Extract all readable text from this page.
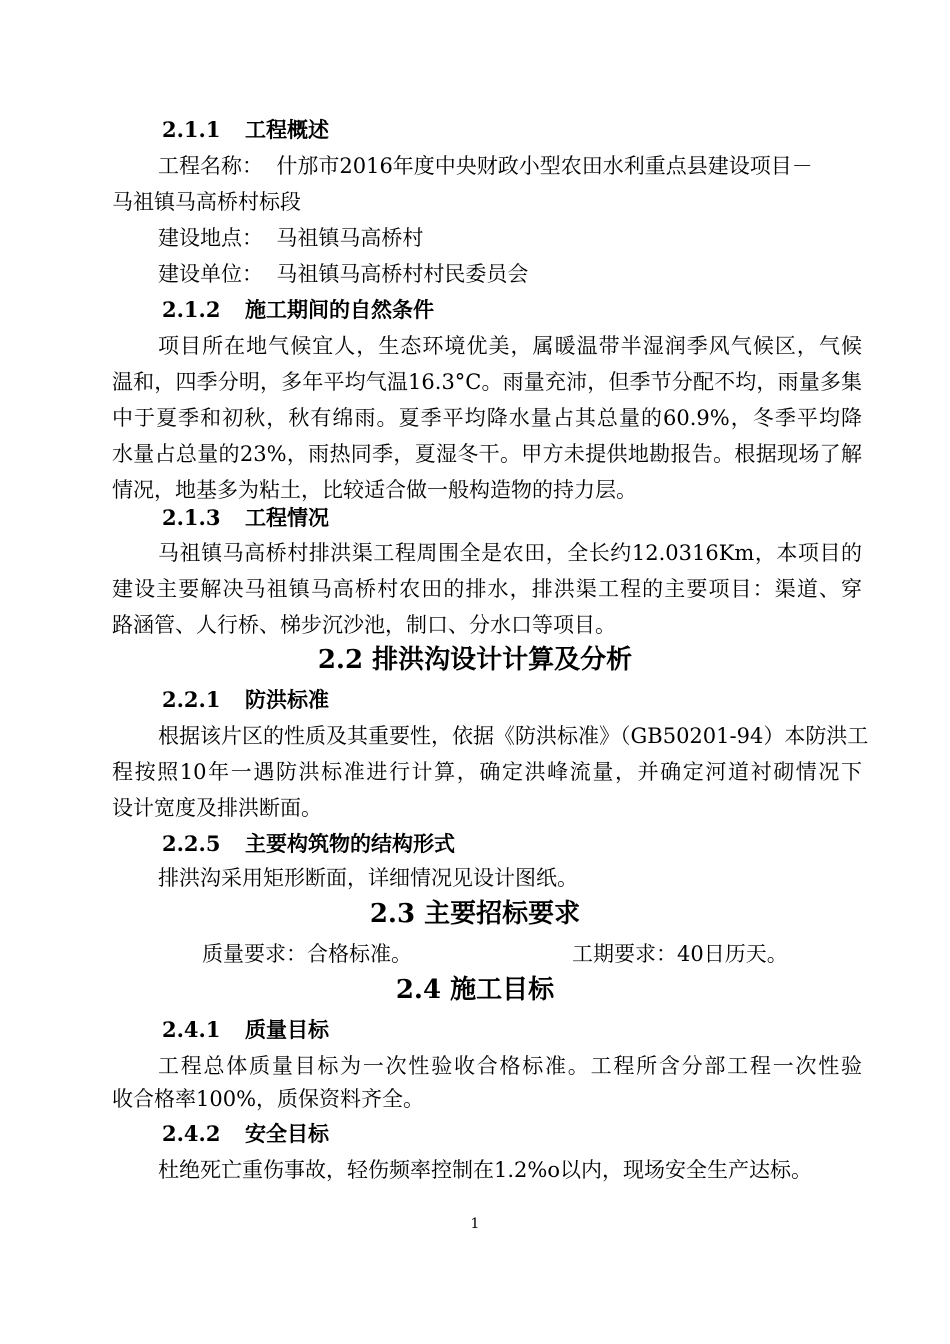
2.1.1 工程概述
工程名称： 什邡市2016年度中央财政小型农田水利重点县建设项目－
马祖镇马高桥村标段
建设地点： 马祖镇马高桥村
建设单位： 马祖镇马高桥村村民委员会
2.1.2 施工期间的自然条件
项目所在地气候宜人，生态环境优美，属暖温带半湿润季风气候区，气候
温和，四季分明，多年平均气温16.3°C。雨量充沛，但季节分配不均，雨量多集
中于夏季和初秋，秋有绵雨。夏季平均降水量占其总量的60.9%，冬季平均降
水量占总量的23%，雨热同季，夏湿冬干。甲方未提供地勘报告。根据现场了解
情况，地基多为粘土，比较适合做一般构造物的持力层。
2.1.3 工程情况
马祖镇马高桥村排洪渠工程周围全是农田，全长约12.0316Km，本项目的
建设主要解决马祖镇马高桥村农田的排水，排洪渠工程的主要项目：渠道、穿
路涵管、人行桥、梯步沉沙池，制口、分水口等项目。
2.2 排洪沟设计计算及分析
2.2.1 防洪标准
根据该片区的性质及其重要性，依据《防洪标准》（GB50201-94）本防洪工
程按照10年一遇防洪标准进行计算，确定洪峰流量，并确定河道衬砌情况下
设计宽度及排洪断面。
2.2.5 主要构筑物的结构形式
排洪沟采用矩形断面，详细情况见设计图纸。
2.3 主要招标要求
质量要求：合格标准。	工期要求：40日历天。
2.4 施工目标
2.4.1 质量目标
工程总体质量目标为一次性验收合格标准。工程所含分部工程一次性验
收合格率100%，质保资料齐全。
2.4.2 安全目标
杜绝死亡重伤事故，轻伤频率控制在1.2%o以内，现场安全生产达标。
1
